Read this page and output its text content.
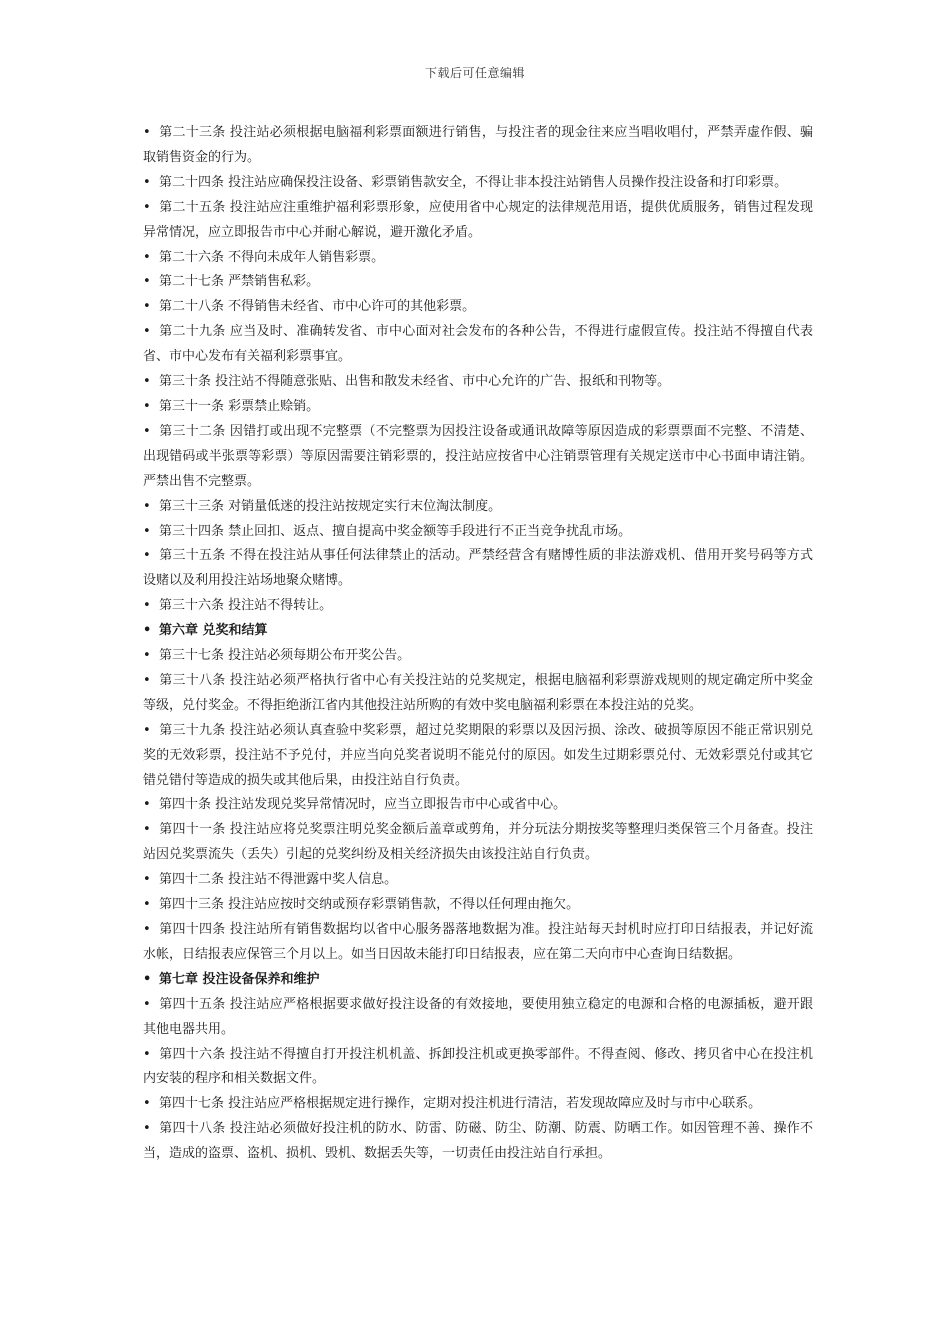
下载后可任意编辑

• 第二十三条 投注站必须根据电脑福利彩票面额进行销售，与投注者的现金往来应当唱收唱付，严禁弄虚作假、骗取销售资金的行为。

• 第二十四条 投注站应确保投注设备、彩票销售款安全，不得让非本投注站销售人员操作投注设备和打印彩票。

• 第二十五条 投注站应注重维护福利彩票形象，应使用省中心规定的法律规范用语，提供优质服务，销售过程发现异常情况，应立即报告市中心并耐心解说，避开激化矛盾。

• 第二十六条 不得向未成年人销售彩票。

• 第二十七条 严禁销售私彩。

• 第二十八条 不得销售未经省、市中心许可的其他彩票。

• 第二十九条 应当及时、准确转发省、市中心面对社会发布的各种公告，不得进行虚假宣传。投注站不得擅自代表省、市中心发布有关福利彩票事宜。

• 第三十条 投注站不得随意张贴、出售和散发未经省、市中心允许的广告、报纸和刊物等。

• 第三十一条 彩票禁止赊销。

• 第三十二条 因错打或出现不完整票（不完整票为因投注设备或通讯故障等原因造成的彩票票面不完整、不清楚、出现错码或半张票等彩票）等原因需要注销彩票的，投注站应按省中心注销票管理有关规定送市中心书面申请注销。严禁出售不完整票。

• 第三十三条 对销量低迷的投注站按规定实行末位淘汰制度。

• 第三十四条 禁止回扣、返点、擅自提高中奖金额等手段进行不正当竞争扰乱市场。

• 第三十五条 不得在投注站从事任何法律禁止的活动。严禁经营含有赌博性质的非法游戏机、借用开奖号码等方式设赌以及利用投注站场地聚众赌博。

• 第三十六条 投注站不得转让。

• 第六章 兑奖和结算

• 第三十七条 投注站必须每期公布开奖公告。

• 第三十八条 投注站必须严格执行省中心有关投注站的兑奖规定，根据电脑福利彩票游戏规则的规定确定所中奖金等级，兑付奖金。不得拒绝浙江省内其他投注站所购的有效中奖电脑福利彩票在本投注站的兑奖。

• 第三十九条 投注站必须认真查验中奖彩票，超过兑奖期限的彩票以及因污损、涂改、破损等原因不能正常识别兑奖的无效彩票，投注站不予兑付，并应当向兑奖者说明不能兑付的原因。如发生过期彩票兑付、无效彩票兑付或其它错兑错付等造成的损失或其他后果，由投注站自行负责。

• 第四十条 投注站发现兑奖异常情况时，应当立即报告市中心或省中心。

• 第四十一条 投注站应将兑奖票注明兑奖金额后盖章或剪角，并分玩法分期按奖等整理归类保管三个月备查。投注站因兑奖票流失（丢失）引起的兑奖纠纷及相关经济损失由该投注站自行负责。

• 第四十二条 投注站不得泄露中奖人信息。

• 第四十三条 投注站应按时交纳或预存彩票销售款，不得以任何理由拖欠。

• 第四十四条 投注站所有销售数据均以省中心服务器落地数据为准。投注站每天封机时应打印日结报表，并记好流水帐，日结报表应保管三个月以上。如当日因故未能打印日结报表，应在第二天向市中心查询日结数据。

• 第七章 投注设备保养和维护

• 第四十五条 投注站应严格根据要求做好投注设备的有效接地，要使用独立稳定的电源和合格的电源插板，避开跟其他电器共用。

• 第四十六条 投注站不得擅自打开投注机机盖、拆卸投注机或更换零部件。不得查阅、修改、拷贝省中心在投注机内安装的程序和相关数据文件。

• 第四十七条 投注站应严格根据规定进行操作，定期对投注机进行清洁，若发现故障应及时与市中心联系。

• 第四十八条 投注站必须做好投注机的防水、防雷、防磁、防尘、防潮、防震、防晒工作。如因管理不善、操作不当，造成的盗票、盗机、损机、毁机、数据丢失等，一切责任由投注站自行承担。
